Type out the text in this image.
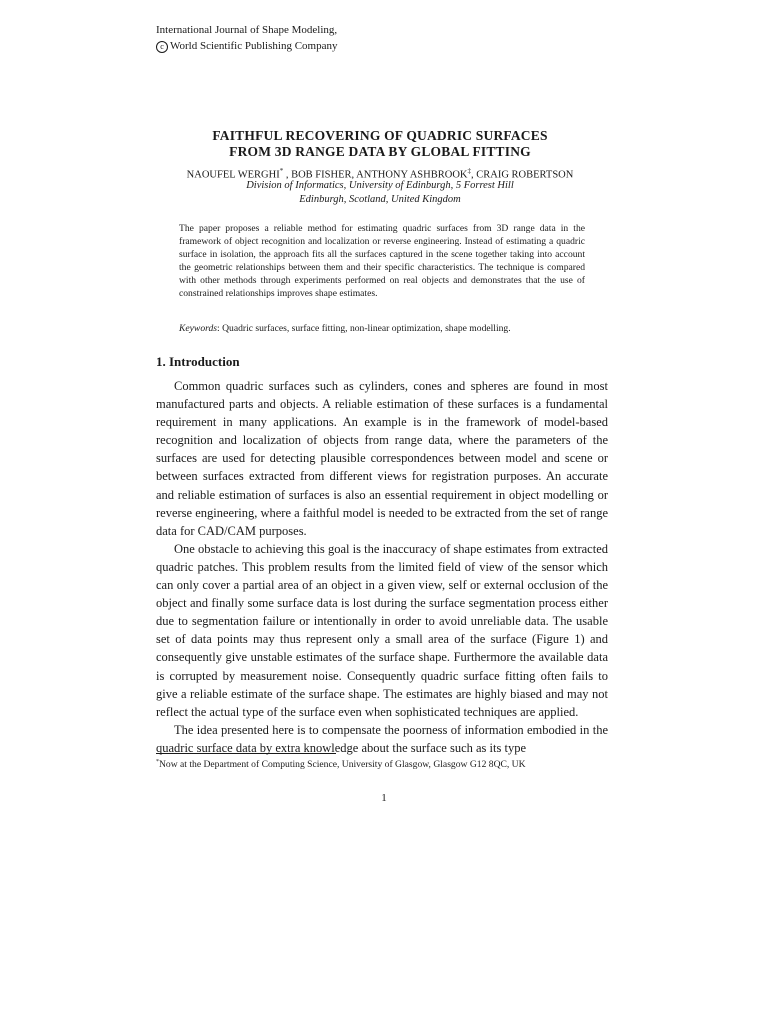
International Journal of Shape Modeling,
c World Scientific Publishing Company
FAITHFUL RECOVERING OF QUADRIC SURFACES
FROM 3D RANGE DATA BY GLOBAL FITTING
NAOUFEL WERGHI* , BOB FISHER, ANTHONY ASHBROOK‡, CRAIG ROBERTSON
Division of Informatics, University of Edinburgh, 5 Forrest Hill
Edinburgh, Scotland, United Kingdom
The paper proposes a reliable method for estimating quadric surfaces from 3D range data in the framework of object recognition and localization or reverse engineering. Instead of estimating a quadric surface in isolation, the approach fits all the surfaces captured in the scene together taking into account the geometric relationships between them and their specific characteristics. The technique is compared with other methods through experiments performed on real objects and demonstrates that the use of constrained relationships improves shape estimates.
Keywords: Quadric surfaces, surface fitting, non-linear optimization, shape modelling.
1. Introduction

Common quadric surfaces such as cylinders, cones and spheres are found in most manufactured parts and objects. A reliable estimation of these surfaces is a fundamental requirement in many applications. An example is in the framework of model-based recognition and localization of objects from range data, where the parameters of the surfaces are used for detecting plausible correspondences between model and scene or between surfaces extracted from different views for registration purposes. An accurate and reliable estimation of surfaces is also an essential requirement in object modelling or reverse engineering, where a faithful model is needed to be extracted from the set of range data for CAD/CAM purposes.

One obstacle to achieving this goal is the inaccuracy of shape estimates from extracted quadric patches. This problem results from the limited field of view of the sensor which can only cover a partial area of an object in a given view, self or external occlusion of the object and finally some surface data is lost during the surface segmentation process either due to segmentation failure or intentionally in order to avoid unreliable data. The usable set of data points may thus represent only a small area of the surface (Figure 1) and consequently give unstable estimates of the surface shape. Furthermore the available data is corrupted by measurement noise. Consequently quadric surface fitting often fails to give a reliable estimate of the surface shape. The estimates are highly biased and may not reflect the actual type of the surface even when sophisticated techniques are applied.

The idea presented here is to compensate the poorness of information embodied in the quadric surface data by extra knowledge about the surface such as its type

*Now at the Department of Computing Science, University of Glasgow, Glasgow G12 8QC, UK
1
